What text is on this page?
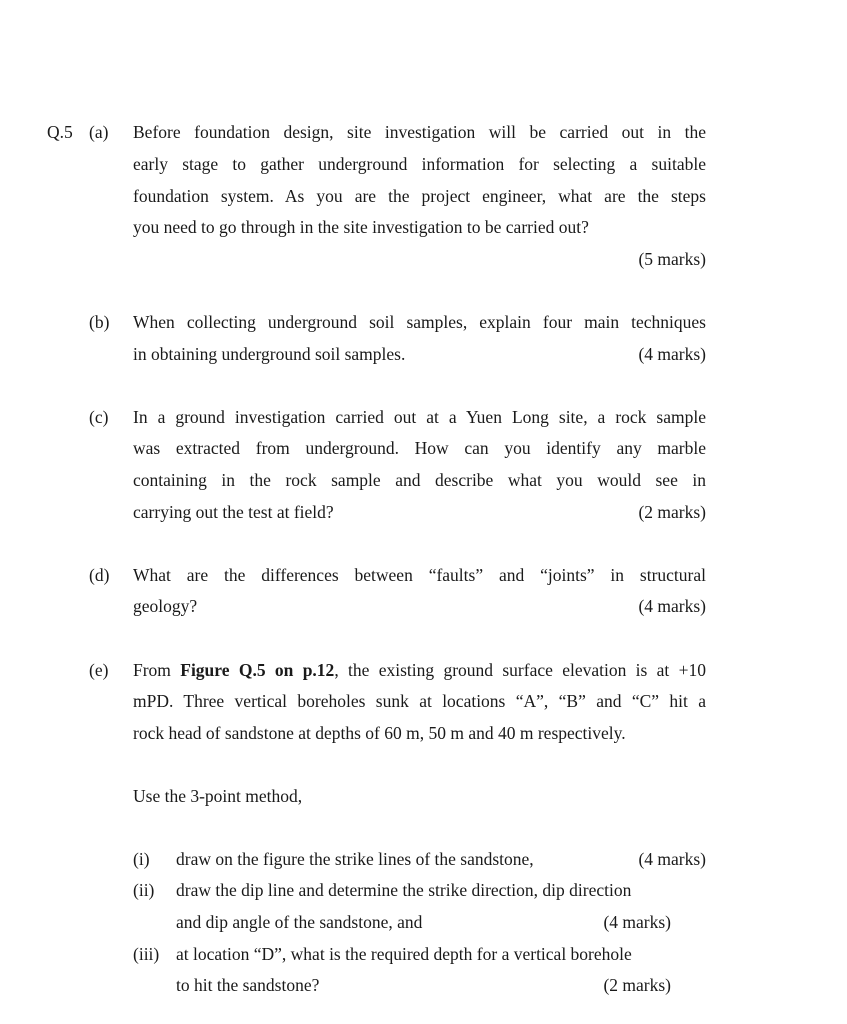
Q.5 (a) Before foundation design, site investigation will be carried out in the
early stage to gather underground information for selecting a suitable
foundation system. As you are the project engineer, what are the steps
you need to go through in the site investigation to be carried out?
(5 marks)
(b) When collecting underground soil samples, explain four main techniques
in obtaining underground soil samples.	(4 marks)
(c) In a ground investigation carried out at a Yuen Long site, a rock sample
was extracted from underground. How can you identify any marble
containing in the rock sample and describe what you would see in
carrying out the test at field?	(2 marks)
(d) What are the differences between “faults” and “joints” in structural
geology?	(4 marks)
(e) From Figure Q.5 on p.12, the existing ground surface elevation is at +10
mPD. Three vertical boreholes sunk at locations “A”, “B” and “C” hit a
rock head of sandstone at depths of 60 m, 50 m and 40 m respectively.
Use the 3-point method,
(i) draw on the figure the strike lines of the sandstone,	(4 marks)
(ii) draw the dip line and determine the strike direction, dip direction
and dip angle of the sandstone, and	(4 marks)
(iii) at location “D”, what is the required depth for a vertical borehole
to hit the sandstone?	(2 marks)
